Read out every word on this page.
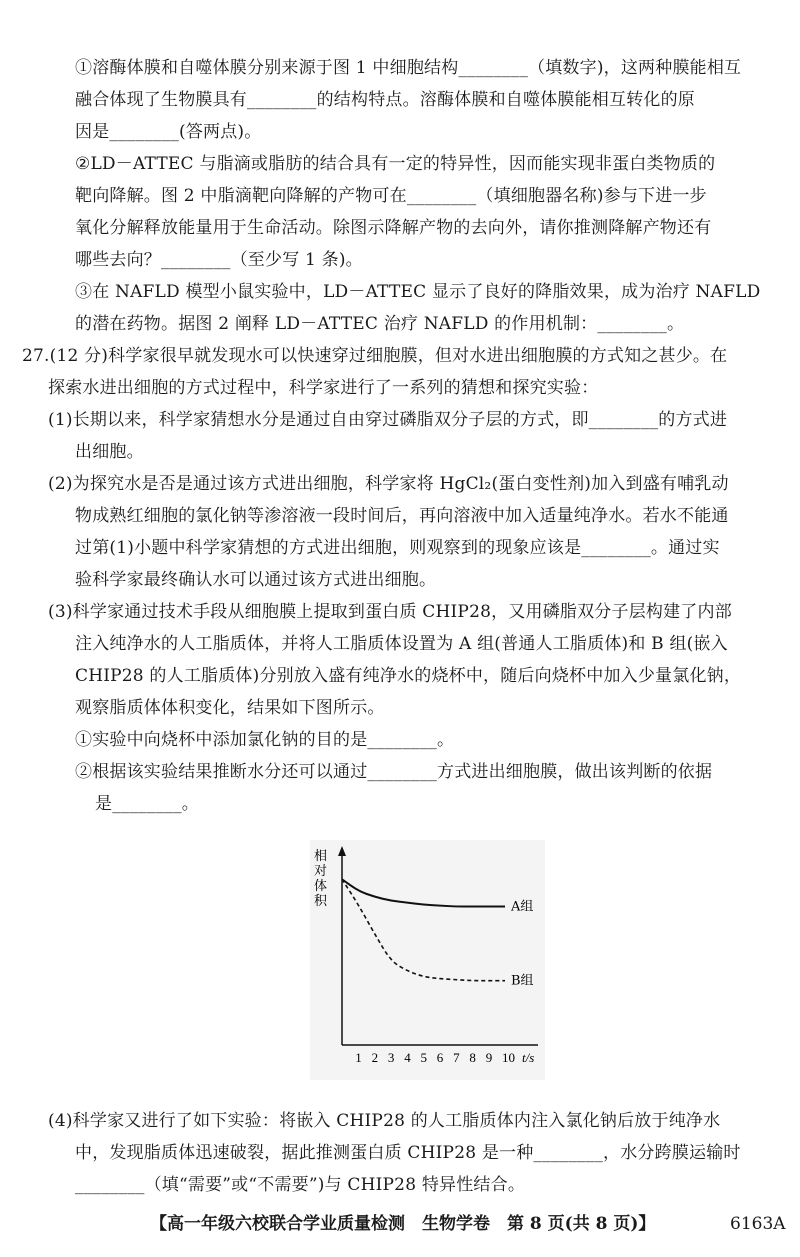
①溶酶体膜和自噬体膜分别来源于图 1 中细胞结构________（填数字)，这两种膜能相互
融合体现了生物膜具有________的结构特点。溶酶体膜和自噬体膜能相互转化的原
因是________(答两点)。
②LD－ATTEC 与脂滴或脂肪的结合具有一定的特异性，因而能实现非蛋白类物质的
靶向降解。图 2 中脂滴靶向降解的产物可在________（填细胞器名称)参与下进一步
氧化分解释放能量用于生命活动。除图示降解产物的去向外，请你推测降解产物还有
哪些去向？________（至少写 1 条)。
③在 NAFLD 模型小鼠实验中，LD－ATTEC 显示了良好的降脂效果，成为治疗 NAFLD
的潜在药物。据图 2 阐释 LD－ATTEC 治疗 NAFLD 的作用机制：________。
27.(12 分)科学家很早就发现水可以快速穿过细胞膜，但对水进出细胞膜的方式知之甚少。在
探索水进出细胞的方式过程中，科学家进行了一系列的猜想和探究实验：
(1)长期以来，科学家猜想水分是通过自由穿过磷脂双分子层的方式，即________的方式进
出细胞。
(2)为探究水是否是通过该方式进出细胞，科学家将 HgCl₂(蛋白变性剂)加入到盛有哺乳动
物成熟红细胞的氯化钠等渗溶液一段时间后，再向溶液中加入适量纯净水。若水不能通
过第(1)小题中科学家猜想的方式进出细胞，则观察到的现象应该是________。通过实
验科学家最终确认水可以通过该方式进出细胞。
(3)科学家通过技术手段从细胞膜上提取到蛋白质 CHIP28，又用磷脂双分子层构建了内部
注入纯净水的人工脂质体，并将人工脂质体设置为 A 组(普通人工脂质体)和 B 组(嵌入
CHIP28 的人工脂质体)分别放入盛有纯净水的烧杯中，随后向烧杯中加入少量氯化钠，
观察脂质体体积变化，结果如下图所示。
①实验中向烧杯中添加氯化钠的目的是________。
②根据该实验结果推断水分还可以通过________方式进出细胞膜，做出该判断的依据
是________。
(4)科学家又进行了如下实验：将嵌入 CHIP28 的人工脂质体内注入氯化钠后放于纯净水
中，发现脂质体迅速破裂，据此推测蛋白质 CHIP28 是一种________，水分跨膜运输时
________（填“需要”或“不需要”)与 CHIP28 特异性结合。
相
对
体
积
1 2 3 4 5 6 7 8 9 10 t/s
A组
B组
【高一年级六校联合学业质量检测　生物学卷　第 8 页(共 8 页)】	6163A
